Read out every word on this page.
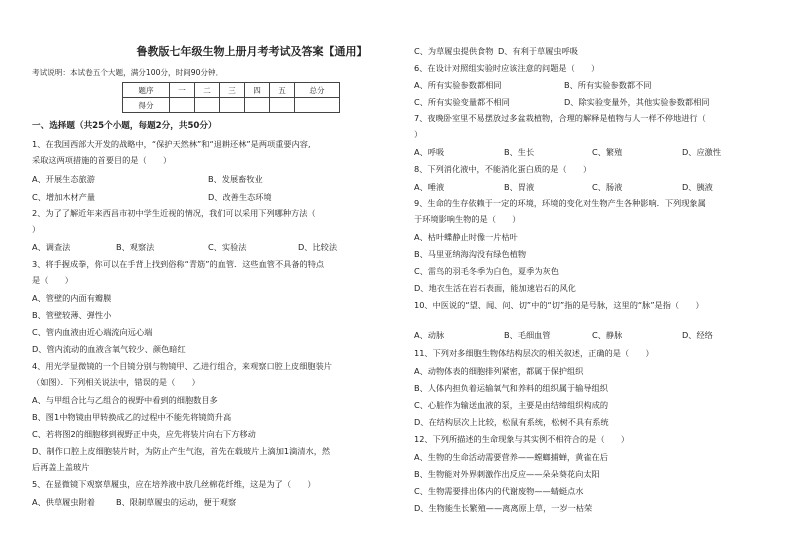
鲁教版七年级生物上册月考考试及答案【通用】
考试说明：本试卷五个大题，满分100分，时间90分钟．
题序	一	二	三	四	五	总分
得分						
一、选择题（共25个小题，每题2分，共50分）
1、在我国西部大开发的战略中，“保护天然林”和“退耕还林”是两项重要内容,
采取这两项措施的首要目的是（　　）
A、开展生态旅游	B、发展畜牧业
C、增加木材产量	D、改善生态环境
2、为了了解近年来西昌市初中学生近视的情况，我们可以采用下列哪种方法（
）
A、调查法	B、观察法	C、实验法	D、比较法
3、将手握成拳，你可以在手背上找到俗称“青筋”的血管．这些血管不具备的特点
是（　　）
A、管壁的内面有瓣膜
B、管壁较薄、弹性小
C、管内血液由近心端流向远心端
D、管内流动的血液含氧气较少、颜色暗红
4、用光学显微镜的一个目镜分别与物镜甲、乙进行组合，来观察口腔上皮细胞装片
（如图）．下列相关说法中，错误的是（　　）
A、与甲组合比与乙组合的视野中看到的细胞数目多
B、图1中物镜由甲转换成乙的过程中不能先将镜筒升高
C、若将图2的细胞移到视野正中央，应先将装片向右下方移动
D、制作口腔上皮细胞装片时，为防止产生气泡，首先在载玻片上滴加1滴清水，然
后再盖上盖玻片
5、在显微镜下观察草履虫，应在培养液中放几丝棉花纤维，这是为了（　　）
A、供草履虫附着	B、限制草履虫的运动，便于观察
C、为草履虫提供食物 D、有利于草履虫呼吸
6、在设计对照组实验时应该注意的问题是（　　）
A、所有实验参数都相同	B、所有实验参数都不同
C、所有实验变量都不相同	D、除实验变量外，其他实验参数都相同
7、夜晚卧室里不易摆放过多盆栽植物，合理的解释是植物与人一样不停地进行（
）
A、呼吸	B、生长	C、繁殖	D、应激性
8、下列消化液中，不能消化蛋白质的是（　　）
A、唾液	B、胃液	C、肠液	D、胰液
9、生命的生存依赖于一定的环境，环境的变化对生物产生各种影响．下列现象属
于环境影响生物的是（　　）
A、枯叶蝶静止时像一片枯叶
B、马里亚纳海沟没有绿色植物
C、雷鸟的羽毛冬季为白色，夏季为灰色
D、地衣生活在岩石表面，能加速岩石的风化
10、中医说的“望、闻、问、切”中的“切”指的是号脉，这里的“脉”是指（　　）
A、动脉	B、毛细血管	C、静脉	D、经络
11、下列对多细胞生物体结构层次的相关叙述，正确的是（　　）
A、动物体表的细胞排列紧密，都属于保护组织
B、人体内担负着运输氧气和养料的组织属于输导组织
C、心脏作为输送血液的泵，主要是由结缔组织构成的
D、在结构层次上比较，松鼠有系统，松树不具有系统
12、下列所描述的生命现象与其实例不相符合的是（　　）
A、生物的生命活动需要营养——螳螂捕蝉，黄雀在后
B、生物能对外界刺激作出反应——朵朵葵花向太阳
C、生物需要排出体内的代谢废物——蜻蜓点水
D、生物能生长繁殖——离离原上草，一岁一枯荣
